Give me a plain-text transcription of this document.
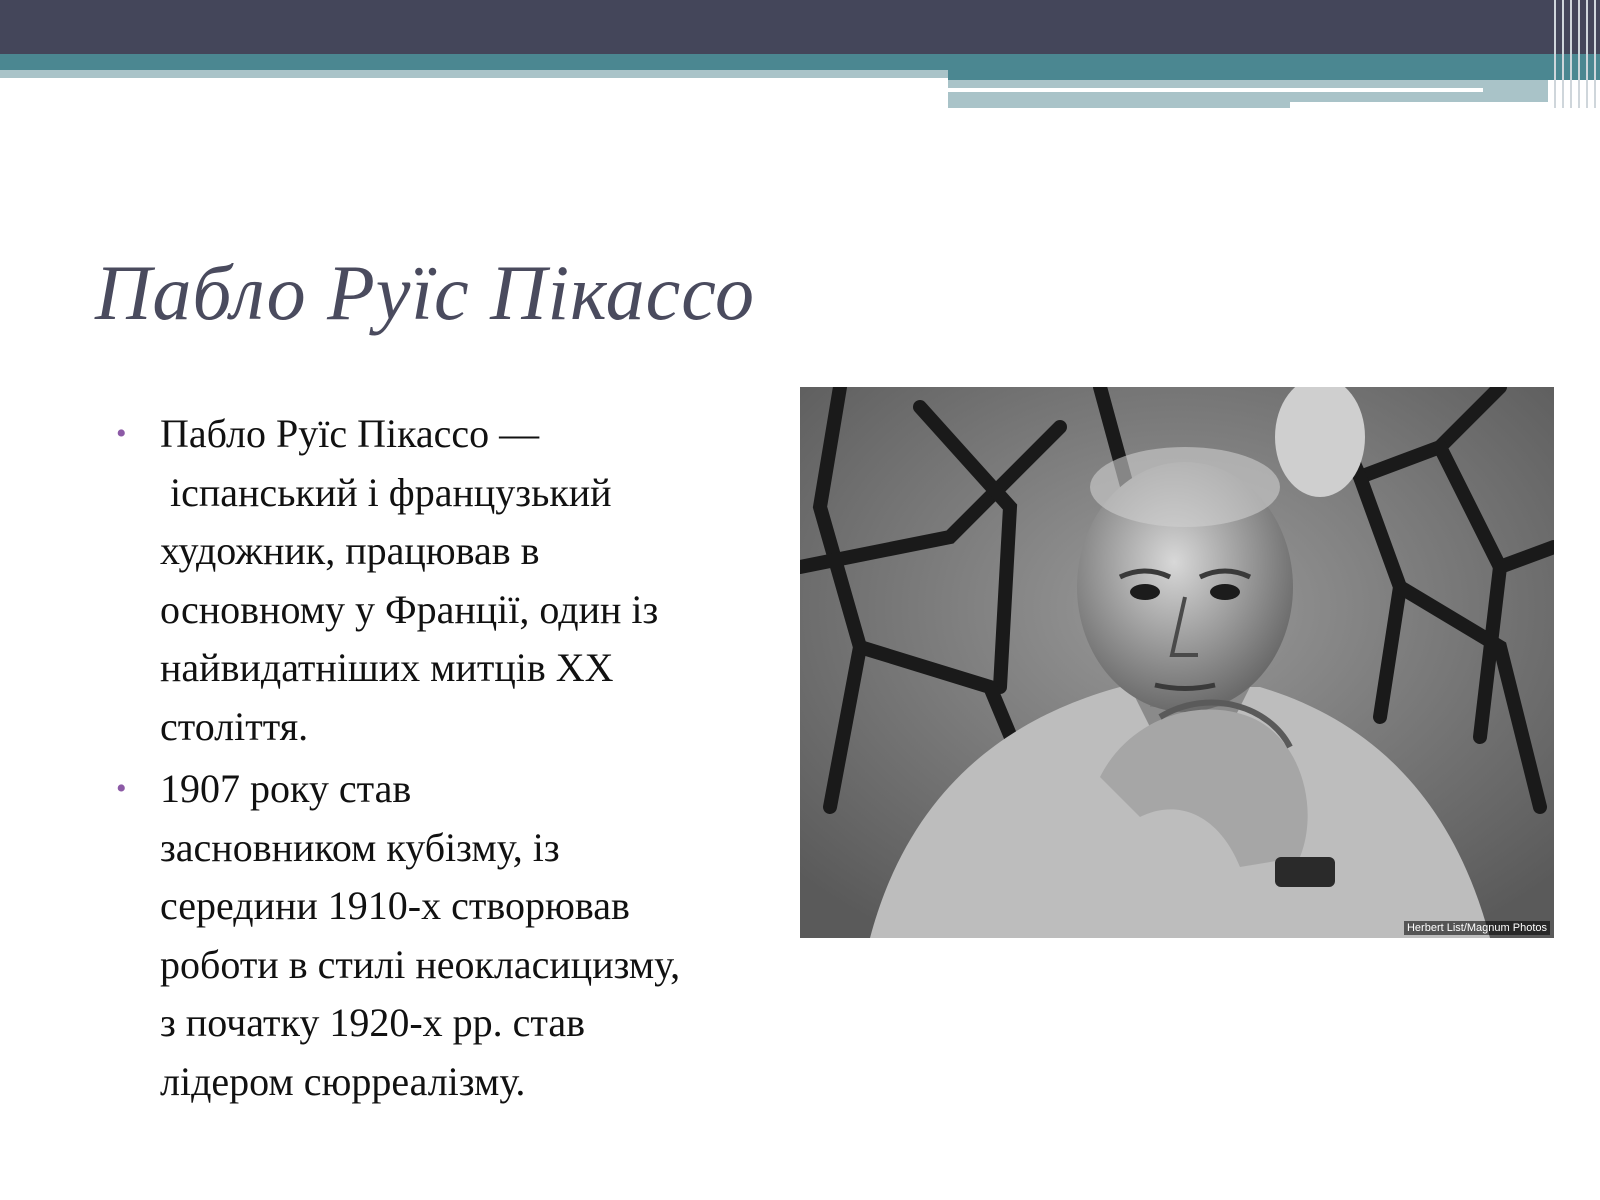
Пабло Руїс Пікассо
• Пабло Руїс Пікассо —
іспанський і французький
художник, працював в
основному у Франції, один із
найвидатніших митців XX
століття.
• 1907 року став
засновником кубізму, із
середини 1910-х створював
роботи в стилі неокласицизму,
з початку 1920-х рр. став
лідером сюрреалізму.
Herbert List/Magnum Photos
